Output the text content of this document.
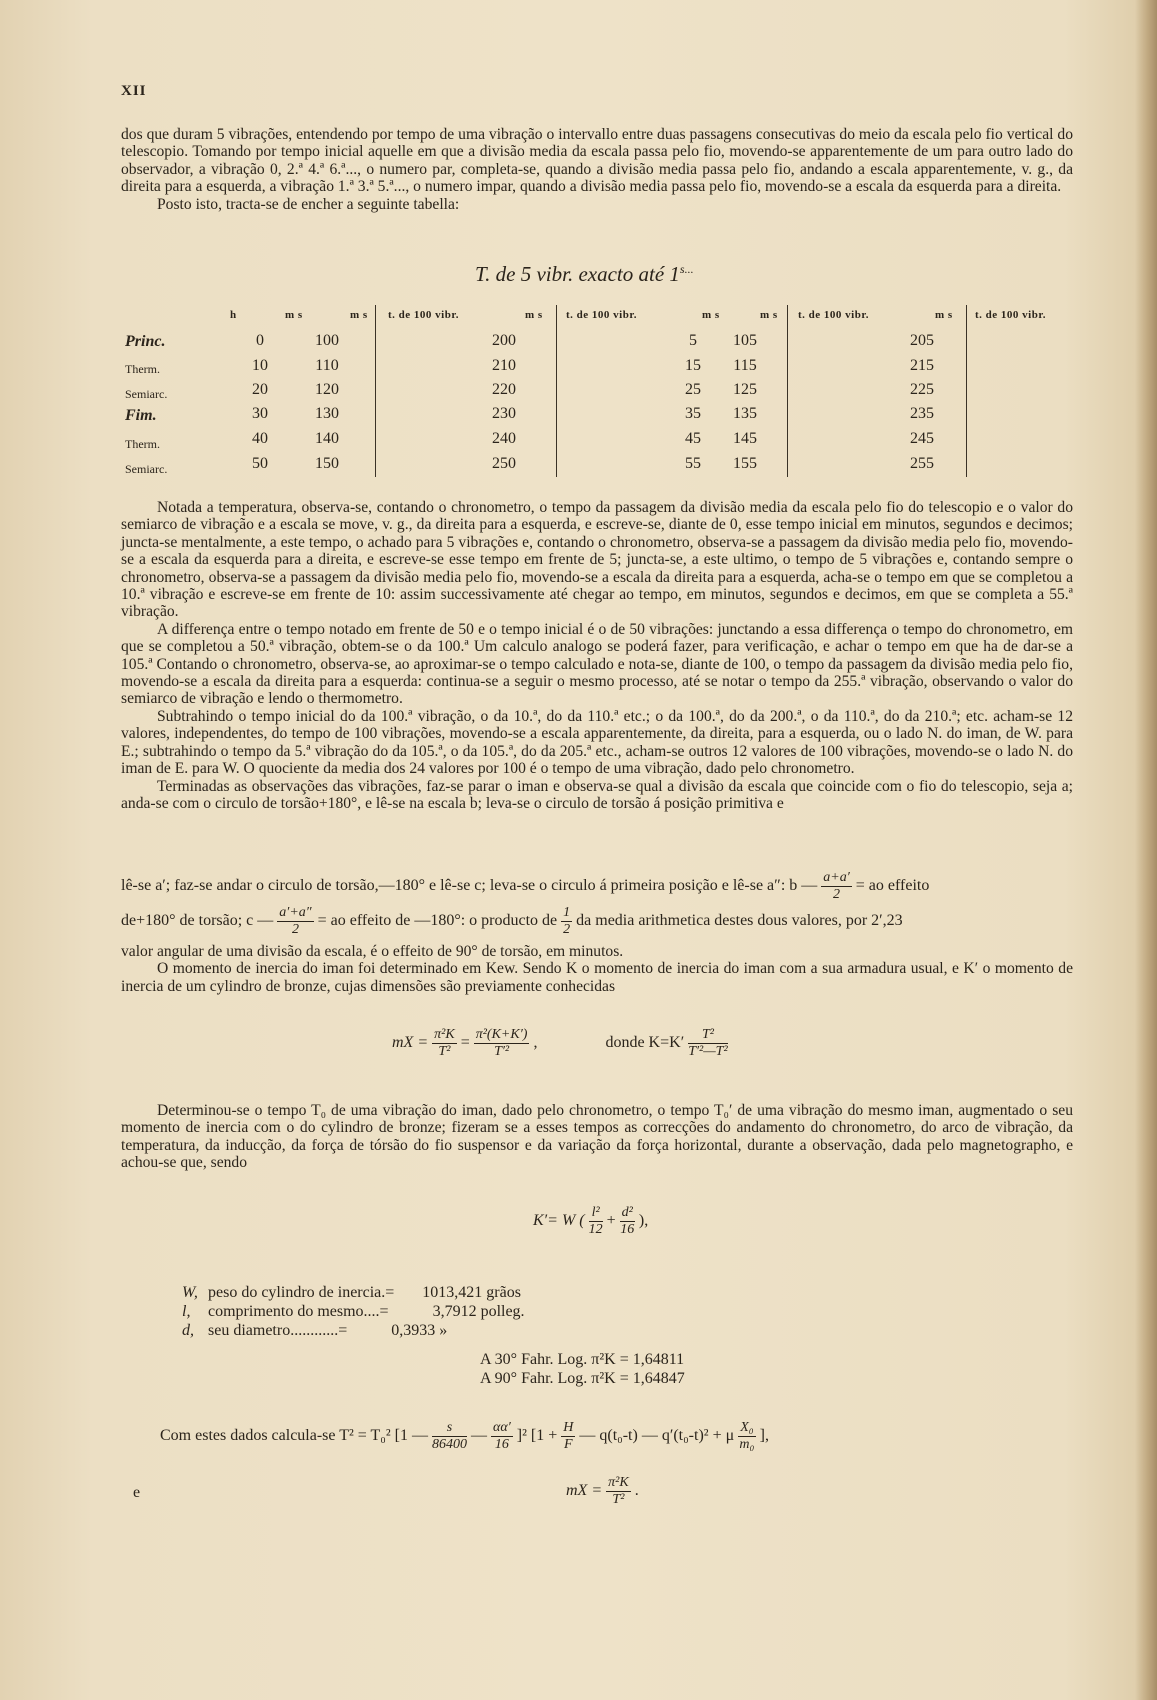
XII

dos que duram 5 vibrações, entendendo por tempo de uma vibração o intervallo entre duas passagens consecutivas do meio da escala pelo fio vertical do telescopio. Tomando por tempo inicial aquelle em que a divisão media da escala passa pelo fio, movendo-se apparentemente de um para outro lado do observador, a vibração 0, 2.ª 4.ª 6.ª..., o numero par, completa-se, quando a divisão media passa pelo fio, andando a escala apparentemente, v. g., da direita para a esquerda, a vibração 1.ª 3.ª 5.ª..., o numero impar, quando a divisão media passa pelo fio, movendo-se a escala da esquerda para a direita.

Posto isto, tracta-se de encher a seguinte tabella:

T. de 5 vibr. exacto até $1^{s...}$
h	m s	m s t. de 100 vibr.	m s t. de 100 vibr.	m s	m s t. de 100 vibr.	m s t. de 100 vibr.
Princ.	0	100	200	5	105	205
Therm.	10	110	210	15	115	215
Semiarc.	20	120	220	25	125	225
Fim.	30	130	230	35	135	235
Therm.	40	140	240	45	145	245
Semiarc.	50	150	250	55	155	255

Notada a temperatura, observa-se, contando o chronometro, o tempo da passagem da divisão media da escala pelo fio do telescopio e o valor do semiarco de vibração e a escala se move, v. g., da direita para a esquerda, e escreve-se, diante de 0, esse tempo inicial em minutos, segundos e decimos; juncta-se mentalmente, a este tempo, o achado para 5 vibrações e, contando o chronometro, observa-se a passagem da divisão media pelo fio, movendo-se a escala da esquerda para a direita, e escreve-se esse tempo em frente de 5; juncta-se, a este ultimo, o tempo de 5 vibrações e, contando sempre o chronometro, observa-se a passagem da divisão media pelo fio, movendo-se a escala da direita para a esquerda, acha-se o tempo em que se completou a 10.ª vibração e escreve-se em frente de 10: assim successivamente até chegar ao tempo, em minutos, segundos e decimos, em que se completa a 55.ª vibração.

A differença entre o tempo notado em frente de 50 e o tempo inicial é o de 50 vibrações: junctando a essa differença o tempo do chronometro, em que se completou a 50.ª vibração, obtem-se o da 100.ª Um calculo analogo se poderá fazer, para verificação, e achar o tempo em que ha de dar-se a 105.ª Contando o chronometro, observa-se, ao aproximar-se o tempo calculado e nota-se, diante de 100, o tempo da passagem da divisão media pelo fio, movendo-se a escala da direita para a esquerda: continua-se a seguir o mesmo processo, até se notar o tempo da 255.ª vibração, observando o valor do semiarco de vibração e lendo o thermometro.

Subtrahindo o tempo inicial do da 100.ª vibração, o da 10.ª, do da 110.ª etc.; o da 100.ª, do da 200.ª, o da 110.ª, do da 210.ª; etc. acham-se 12 valores, independentes, do tempo de 100 vibrações, movendo-se a escala apparentemente, da direita, para a esquerda, ou o lado N. do iman, de W. para E.; subtrahindo o tempo da 5.ª vibração do da 105.ª, o da 105.ª, do da 205.ª etc., acham-se outros 12 valores de 100 vibrações, movendo-se o lado N. do iman de E. para W. O quociente da media dos 24 valores por 100 é o tempo de uma vibração, dado pelo chronometro.

Terminadas as observações das vibrações, faz-se parar o iman e observa-se qual a divisão da escala que coincide com o fio do telescopio, seja a; anda-se com o circulo de torsão+180°, e lê-se na escala b; leva-se o circulo de torsão á posição primitiva e

lê-se a′; faz-se andar o circulo de torsão,—180° e lê-se c; leva-se o circulo á primeira posição e lê-se a″: b — $\frac{a+a'}{2}$ = ao effeito
de+180° de torsão; c — $\frac{a'+a''}{2}$ = ao effeito de —180°: o producto de $\frac{1}{2}$ da media arithmetica destes dous valores, por 2′,23

valor angular de uma divisão da escala, é o effeito de 90° de torsão, em minutos.

O momento de inercia do iman foi determinado em Kew. Sendo K o momento de inercia do iman com a sua armadura usual, e K′ o momento de inercia de um cylindro de bronze, cujas dimensões são previamente conhecidas

mX = $\frac{\text{π²K}}{\text{T²}} = \frac{\text{π²(K+K′)}}{\text{T′²}}$ ,	donde $K=K' \frac{\text{T²}}{\text{T′²—T²}}$

Determinou-se o tempo T₀ de uma vibração do iman, dado pelo chronometro, o tempo T₀′ de uma vibração do mesmo iman, augmentado o seu momento de inercia com o do cylindro de bronze; fizeram se a esses tempos as correcções do andamento do chronometro, do arco de vibração, da temperatura, da inducção, da força de tórsão do fio suspensor e da variação da força horizontal, durante a observação, dada pelo magnetographo, e achou-se que, sendo

K′= W ( $\frac{\text{l²}}{12} + \frac{\text{d²}}{16}$ ),
W, peso do cylindro de inercia.= 1013,421 grãos
l, comprimento do mesmo....=	3,7912 polleg.
d, seu diametro............=	0,3933 »
A 30° Fahr. Log. π²K = 1,64811
A 90° Fahr. Log. π²K = 1,64847
Com estes dados calcula-se T² = T₀² [1 — $\frac{s}{86400}$ — $\frac{\alpha\alpha'}{16} ]^2$ [$1 + \frac{H}{F}$ — q(t₀-t) — q′(t₀-t)² + μ $\frac{\text{X₀}}{\text{m₀}}$ ],
e	mX = $\frac{\text{π²K}}{\text{T²}}$ .
